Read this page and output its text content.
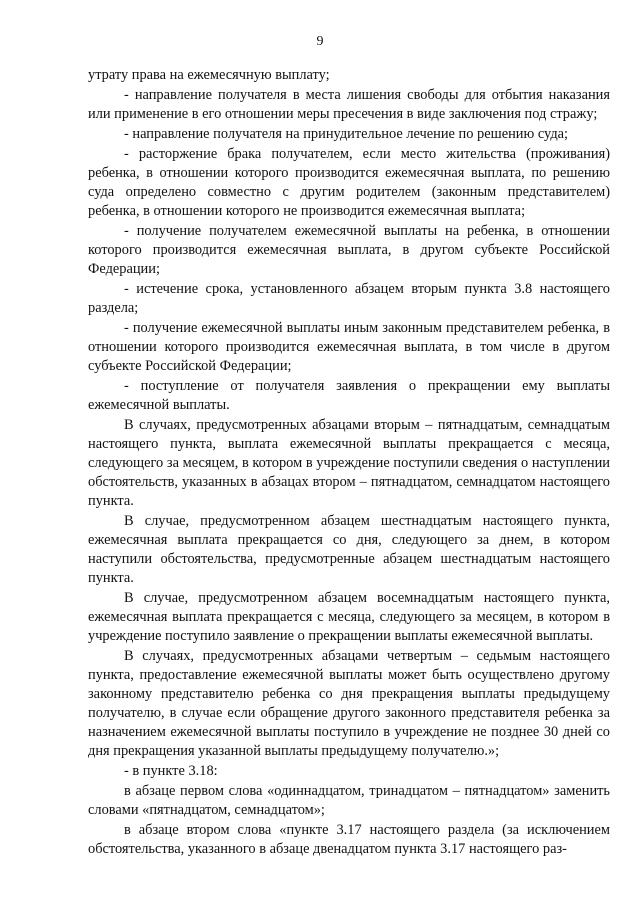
9

утрату права на ежемесячную выплату;

- направление получателя в места лишения свободы для отбытия наказания или применение в его отношении меры пресечения в виде заключения под стражу;

- направление получателя на принудительное лечение по решению суда;

- расторжение брака получателем, если место жительства (проживания) ребенка, в отношении которого производится ежемесячная выплата, по решению суда определено совместно с другим родителем (законным представителем) ребенка, в отношении которого не производится ежемесячная выплата;

- получение получателем ежемесячной выплаты на ребенка, в отношении которого производится ежемесячная выплата, в другом субъекте Российской Федерации;

- истечение срока, установленного абзацем вторым пункта 3.8 настоящего раздела;

- получение ежемесячной выплаты иным законным представителем ребенка, в отношении которого производится ежемесячная выплата, в том числе в другом субъекте Российской Федерации;

- поступление от получателя заявления о прекращении ему выплаты ежемесячной выплаты.

В случаях, предусмотренных абзацами вторым – пятнадцатым, семнадцатым настоящего пункта, выплата ежемесячной выплаты прекращается с месяца, следующего за месяцем, в котором в учреждение поступили сведения о наступлении обстоятельств, указанных в абзацах втором – пятнадцатом, семнадцатом настоящего пункта.

В случае, предусмотренном абзацем шестнадцатым настоящего пункта, ежемесячная выплата прекращается со дня, следующего за днем, в котором наступили обстоятельства, предусмотренные абзацем шестнадцатым настоящего пункта.

В случае, предусмотренном абзацем восемнадцатым настоящего пункта, ежемесячная выплата прекращается с месяца, следующего за месяцем, в котором в учреждение поступило заявление о прекращении выплаты ежемесячной выплаты.

В случаях, предусмотренных абзацами четвертым – седьмым настоящего пункта, предоставление ежемесячной выплаты может быть осуществлено другому законному представителю ребенка со дня прекращения выплаты предыдущему получателю, в случае если обращение другого законного представителя ребенка за назначением ежемесячной выплаты поступило в учреждение не позднее 30 дней со дня прекращения указанной выплаты предыдущему получателю.»;

- в пункте 3.18:

в абзаце первом слова «одиннадцатом, тринадцатом – пятнадцатом» заменить словами «пятнадцатом, семнадцатом»;

в абзаце втором слова «пункте 3.17 настоящего раздела (за исключением обстоятельства, указанного в абзаце двенадцатом пункта 3.17 настоящего раз-
